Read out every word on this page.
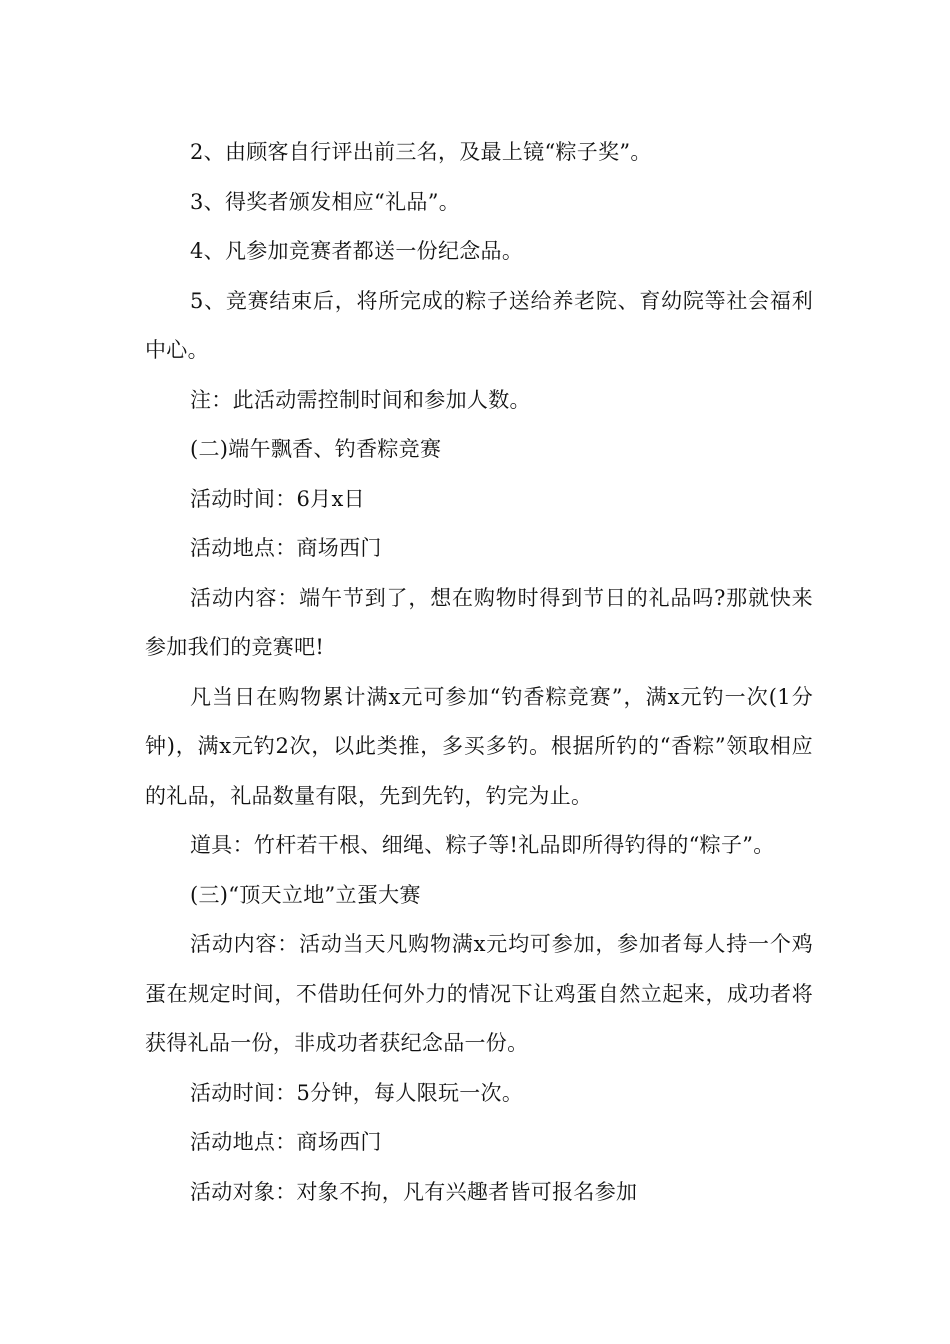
2、由顾客自行评出前三名，及最上镜“粽子奖”。

3、得奖者颁发相应“礼品”。

4、凡参加竞赛者都送一份纪念品。

5、竞赛结束后，将所完成的粽子送给养老院、育幼院等社会福利中心。

注：此活动需控制时间和参加人数。

(二)端午飘香、钓香粽竞赛

活动时间：6月x日

活动地点：商场西门

活动内容：端午节到了，想在购物时得到节日的礼品吗?那就快来参加我们的竞赛吧!

凡当日在购物累计满x元可参加“钓香粽竞赛”，满x元钓一次(1分钟)，满x元钓2次，以此类推，多买多钓。根据所钓的“香粽”领取相应的礼品，礼品数量有限，先到先钓，钓完为止。

道具：竹杆若干根、细绳、粽子等!礼品即所得钓得的“粽子”。

(三)“顶天立地”立蛋大赛

活动内容：活动当天凡购物满x元均可参加，参加者每人持一个鸡蛋在规定时间，不借助任何外力的情况下让鸡蛋自然立起来，成功者将获得礼品一份，非成功者获纪念品一份。

活动时间：5分钟，每人限玩一次。

活动地点：商场西门

活动对象：对象不拘，凡有兴趣者皆可报名参加
